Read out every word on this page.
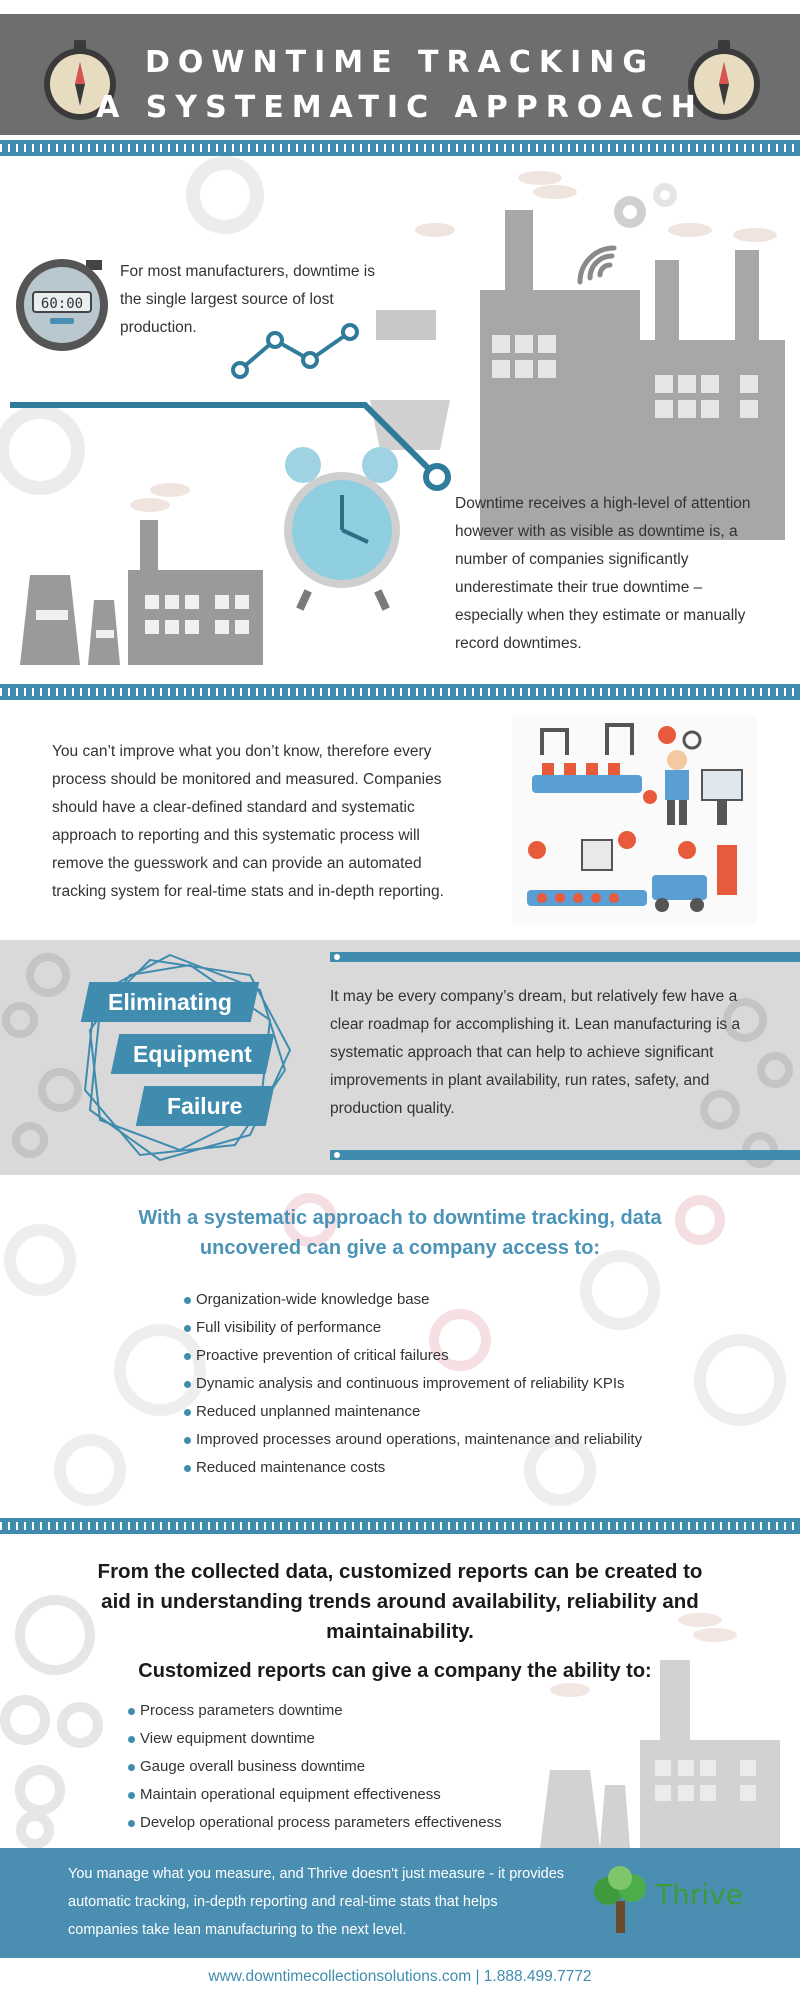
DOWNTIME TRACKING
A SYSTEMATIC APPROACH
60:00
For most manufacturers, downtime is the single largest source of lost production.
Downtime receives a high-level of attention however with as visible as downtime is, a number of companies significantly underestimate their true downtime – especially when they estimate or manually record downtimes.
You can’t improve what you don’t know, therefore every process should be monitored and measured. Companies should have a clear-defined standard and systematic approach to reporting and this systematic process will remove the guesswork and can provide an automated tracking system for real-time stats and in-depth reporting.
Eliminating
Equipment
Failure
It may be every company’s dream, but relatively few have a clear roadmap for accomplishing it. Lean manufacturing is a systematic approach that can help to achieve significant improvements in plant availability, run rates, safety, and production quality.
With a systematic approach to downtime tracking, data uncovered can give a company access to:
Organization-wide knowledge base
Full visibility of performance
Proactive prevention of critical failures
Dynamic analysis and continuous improvement of reliability KPIs
Reduced unplanned maintenance
Improved processes around operations, maintenance and reliability
Reduced maintenance costs
From the collected data, customized reports can be created to aid in understanding trends around availability, reliability and maintainability.
Customized reports can give a company the ability to:
Process parameters downtime
View equipment downtime
Gauge overall business downtime
Maintain operational equipment effectiveness
Develop operational process parameters effectiveness
You manage what you measure, and Thrive doesn't just measure - it provides automatic tracking, in-depth reporting and real-time stats that helps companies take lean manufacturing to the next level.
Thrive
www.downtimecollectionsolutions.com | 1.888.499.7772
